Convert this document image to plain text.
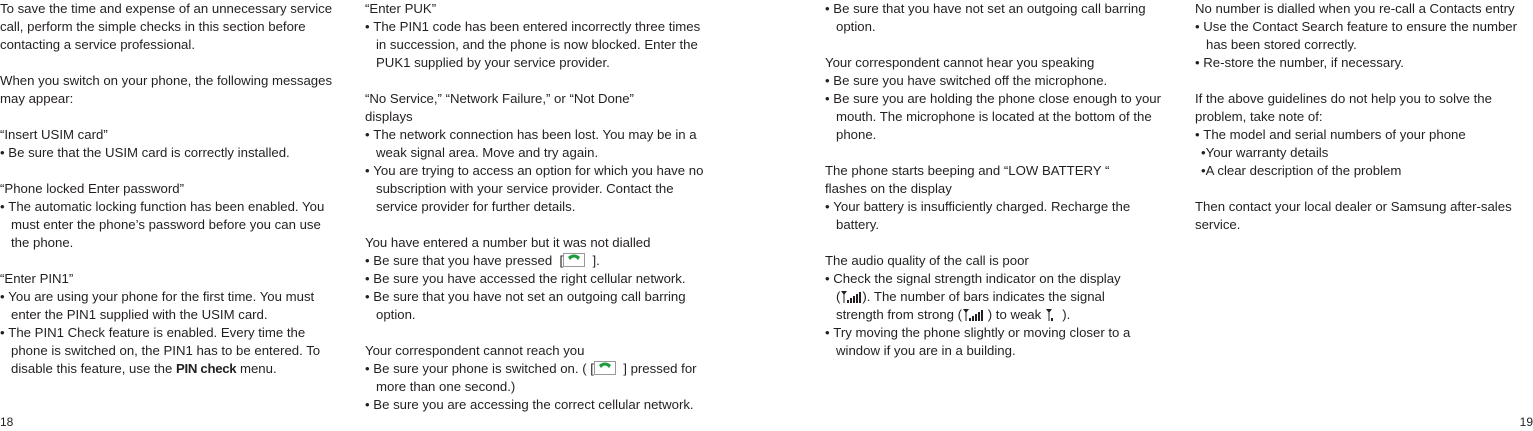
To save the time and expense of an unnecessary service call, perform the simple checks in this section before contacting a service professional.

When you switch on your phone, the following messages may appear:

“Insert USIM card”

• Be sure that the USIM card is correctly installed.

“Phone locked Enter password”

• The automatic locking function has been enabled. You must enter the phone’s password before you can use the phone.

“Enter PIN1”

• You are using your phone for the first time. You must enter the PIN1 supplied with the USIM card.

• The PIN1 Check feature is enabled. Every time the phone is switched on, the PIN1 has to be entered. To disable this feature, use the PIN check menu.

“Enter PUK”

• The PIN1 code has been entered incorrectly three times in succession, and the phone is now blocked. Enter the PUK1 supplied by your service provider.

“No Service,” “Network Failure,” or “Not Done”

displays

• The network connection has been lost. You may be in a weak signal area. Move and try again.

• You are trying to access an option for which you have no subscription with your service provider. Contact the service provider for further details.

You have entered a number but it was not dialled

• Be sure that you have pressed  [ ].

• Be sure you have accessed the right cellular network.

• Be sure that you have not set an outgoing call barring option.

Your correspondent cannot reach you

• Be sure your phone is switched on. ( [ ] pressed for more than one second.)

• Be sure you are accessing the correct cellular network.

• Be sure that you have not set an outgoing call barring option.

Your correspondent cannot hear you speaking

• Be sure you have switched off the microphone.

• Be sure you are holding the phone close enough to your mouth. The microphone is located at the bottom of the phone.

The phone starts beeping and “LOW BATTERY “

flashes on the display

• Your battery is insufficiently charged. Recharge the battery.

The audio quality of the call is poor

• Check the signal strength indicator on the display

( ). The number of bars indicates the signal

strength from strong ( ) to weak ).

• Try moving the phone slightly or moving closer to a window if you are in a building.

No number is dialled when you re-call a Contacts entry

• Use the Contact Search feature to ensure the number has been stored correctly.

• Re-store the number, if necessary.

If the above guidelines do not help you to solve the problem, take note of:

• The model and serial numbers of your phone

• Your warranty details

• A clear description of the problem

Then contact your local dealer or Samsung after-sales service.

18	19
